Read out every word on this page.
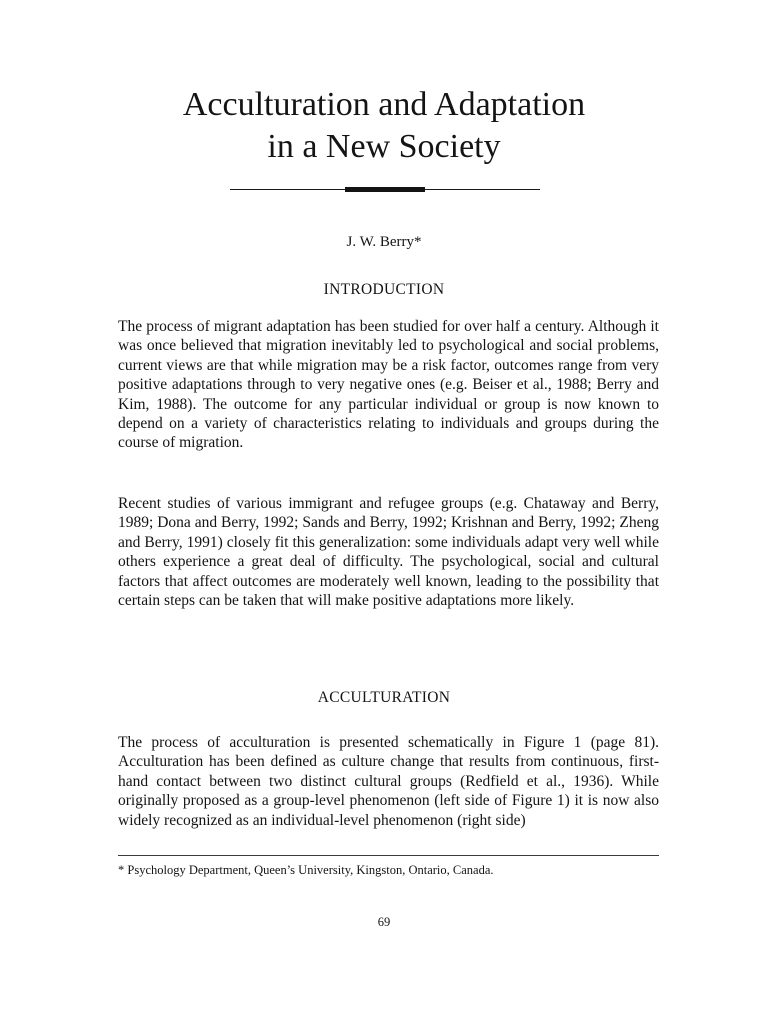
Acculturation and Adaptation
in a New Society
J. W. Berry*
INTRODUCTION

The process of migrant adaptation has been studied for over half a century. Although it was once believed that migration inevitably led to psychological and social problems, current views are that while migration may be a risk factor, outcomes range from very positive adaptations through to very negative ones (e.g. Beiser et al., 1988; Berry and Kim, 1988). The outcome for any particular individual or group is now known to depend on a variety of characteristics relating to individuals and groups during the course of migration.

Recent studies of various immigrant and refugee groups (e.g. Chataway and Berry, 1989; Dona and Berry, 1992; Sands and Berry, 1992; Krishnan and Berry, 1992; Zheng and Berry, 1991) closely fit this generalization: some individuals adapt very well while others experience a great deal of difficulty. The psychological, social and cultural factors that affect outcomes are moderately well known, leading to the possibility that certain steps can be taken that will make positive adaptations more likely.

ACCULTURATION

The process of acculturation is presented schematically in Figure 1 (page 81). Acculturation has been defined as culture change that results from continuous, first-hand contact between two distinct cultural groups (Redfield et al., 1936). While originally proposed as a group-level phenomenon (left side of Figure 1) it is now also widely recognized as an individual-level phenomenon (right side)

* Psychology Department, Queen’s University, Kingston, Ontario, Canada.
69
